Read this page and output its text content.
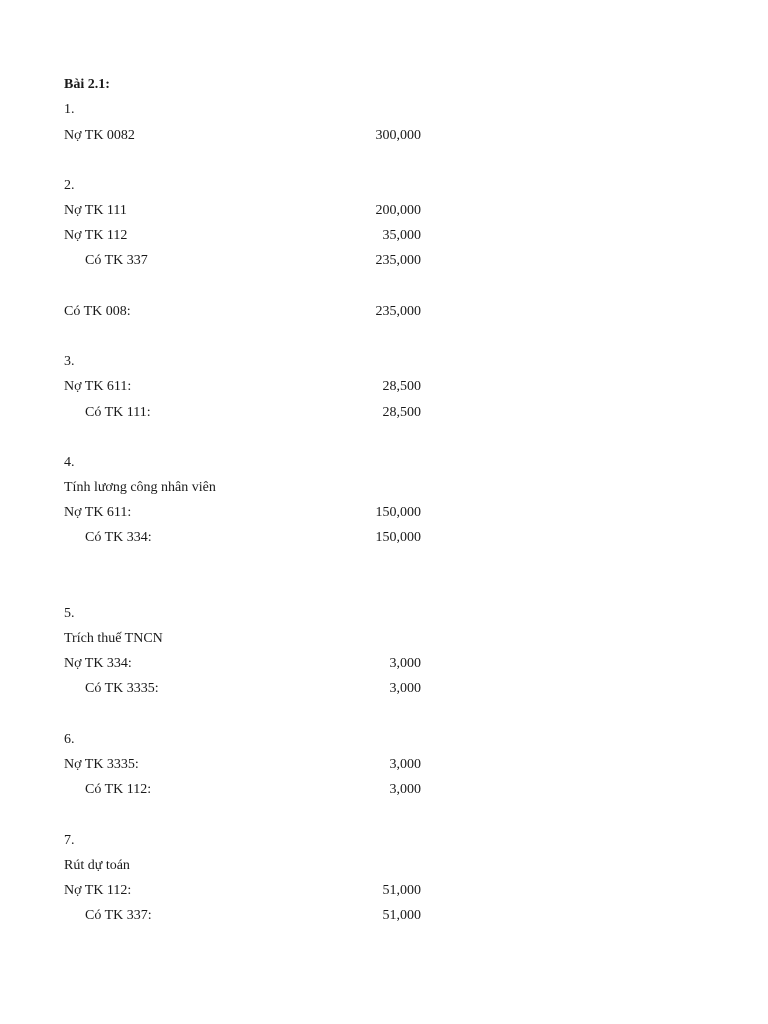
Bài 2.1:
1.
Nợ TK 0082	300,000
2.
Nợ TK 111	200,000
Nợ TK 112	35,000
Có TK 337	235,000
Có TK 008:	235,000
3.
Nợ TK 611:	28,500
Có TK 111:	28,500
4.
Tính lương công nhân viên
Nợ TK 611:	150,000
Có TK 334:	150,000
5.
Trích thuế TNCN
Nợ TK 334:	3,000
Có TK 3335:	3,000
6.
Nợ TK 3335:	3,000
Có TK 112:	3,000
7.
Rút dự toán
Nợ TK 112:	51,000
Có TK 337:	51,000
